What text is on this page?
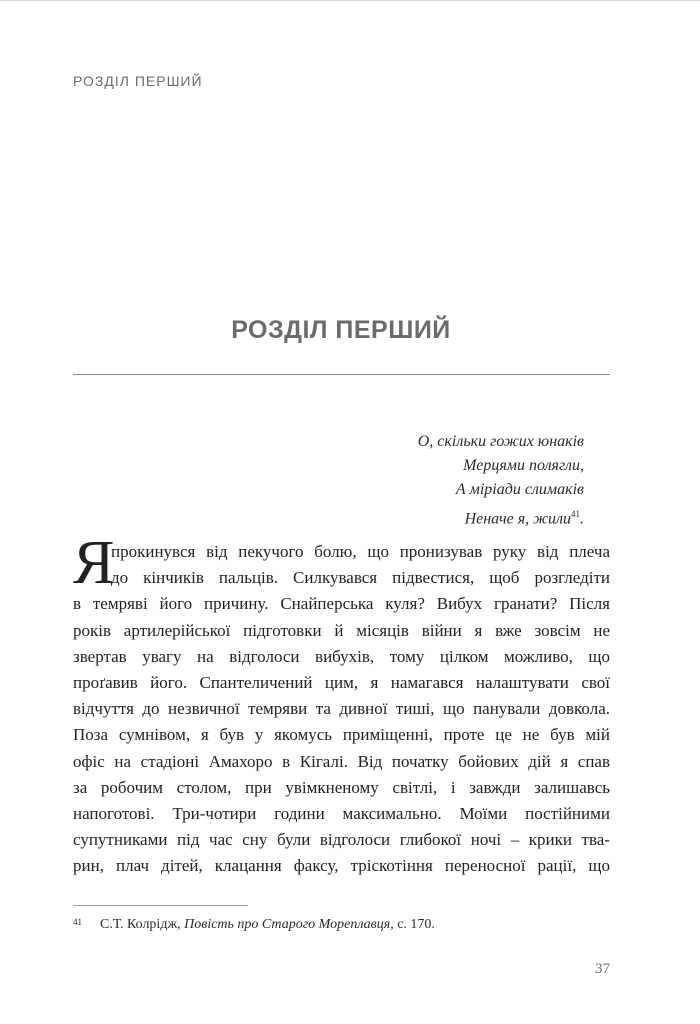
РОЗДІЛ ПЕРШИЙ
РОЗДІЛ ПЕРШИЙ
О, скільки гожих юнаків
Мерцями полягли,
А міріади слимаків
Неначе я, жили$^{41}$.
Я
прокинувся від пекучого болю, що пронизував руку від плеча
до кінчиків пальців. Силкувався підвестися, щоб розгледіти
в темряві його причину. Снайперська куля? Вибух гранати? Після
років артилерійської підготовки й місяців війни я вже зовсім не
звертав увагу на відголоси вибухів, тому цілком можливо, що
проґавив його. Спантеличений цим, я намагався налаштувати свої
відчуття до незвичної темряви та дивної тиші, що панували довкола.
Поза сумнівом, я був у якомусь приміщенні, проте це не був мій
офіс на стадіоні Амахоро в Кігалі. Від початку бойових дій я спав
за робочим столом, при увімкненому світлі, і завжди залишавсь
напоготові. Три-чотири години максимально. Моїми постійними
супутниками під час сну були відголоси глибокої ночі – крики тва-
рин, плач дітей, клацання факсу, тріскотіння переносної рації, що
$^{41}$ С.Т. Колрідж, Повість про Старого Мореплавця, с. 170.
37
